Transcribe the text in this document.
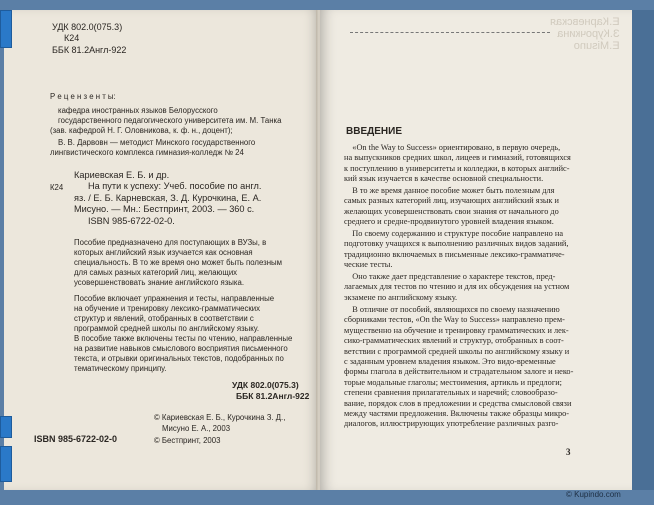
УДК 802.0(075.3)
К24
ББК 81.2Англ-922
Р е ц е н з е н т ы:
кафедра иностранных языков Белорусского
государственного педагогического университета им. М. Танка
(зав. кафедрой Н. Г. Оловникова, к. ф. н., доцент);
В. В. Дарвовн — методист Минского государственного
лингвистического комплекса гимназия-колледж № 24
К24
Кариевская Е. Б. и др.
На пути к успеху: Учеб. пособие по англ.
яз. / Е. Б. Карневская, З. Д. Курочкина, Е. А.
Мисуно. — Мн.: Бестпринт, 2003. — 360 с.
ISBN 985-6722-02-0.
Пособие предназначено для поступающих в ВУЗы, в
которых английский язык изучается как основная
специальность. В то же время оно может быть полезным
для самых разных категорий лиц, желающих
усовершенствовать знание английского языка.
Пособие включает упражнения и тесты, направленные
на обучение и тренировку лексико-грамматических
структур и явлений, отобранных в соответствии с
программой средней школы по английскому языку.
В пособие также включены тесты по чтению, направленные
на развитие навыков смыслового восприятия письменного
текста, и отрывки оригинальных текстов, подобранных по
тематическому принципу.
УДК 802.0(075.3)
ББК 81.2Англ-922
© Кариевская Е. Б., Курочкина З. Д.,
Мисуно Е. А., 2003
© Бестпринт, 2003
ISBN 985-6722-02-0
Е.Карневская
З.Курочкина
Е.Мisuno
ВВЕДЕНИЕ
«On the Way to Success» ориентировано, в первую очередь,
на выпускников средних школ, лицеев и гимназий, готовящихся
к поступлению в университеты и колледжи, в которых английс-
кий язык изучается в качестве основной специальности.
В то же время данное пособие может быть полезным для
самых разных категорий лиц, изучающих английский язык и
желающих усовершенствовать свои знания от начального до
среднего и средне-продвинутого уровней владения языком.
По своему содержанию и структуре пособие направлено на
подготовку учащихся к выполнению различных видов заданий,
традиционно включаемых в письменные лексико-грамматиче-
ческие тесты.
Оно также дает представление о характере текстов, пред-
лагаемых для тестов по чтению и для их обсуждения на устном
экзамене по английскому языку.
В отличие от пособий, являющихся по своему назначению
сборниками тестов, «On the Way to Success» направлено прем-
мущественно на обучение и тренировку грамматических и лек-
сико-грамматических явлений и структур, отобранных в соот-
ветствии с программой средней школы по английскому языку и
с заданным уровнем владения языком. Это видо-временные
формы глагола в действительном и страдательном залоге и неко-
торые модальные глаголы; местоимения, артикль и предлоги;
степени сравнения прилагательных и наречий; словообразо-
вание, порядок слов в предложении и средства смысловой связи
между частями предложения. Включены также образцы микро-
диалогов, иллюстрирующих употребление различных разго-
3
© Kupindo.com
